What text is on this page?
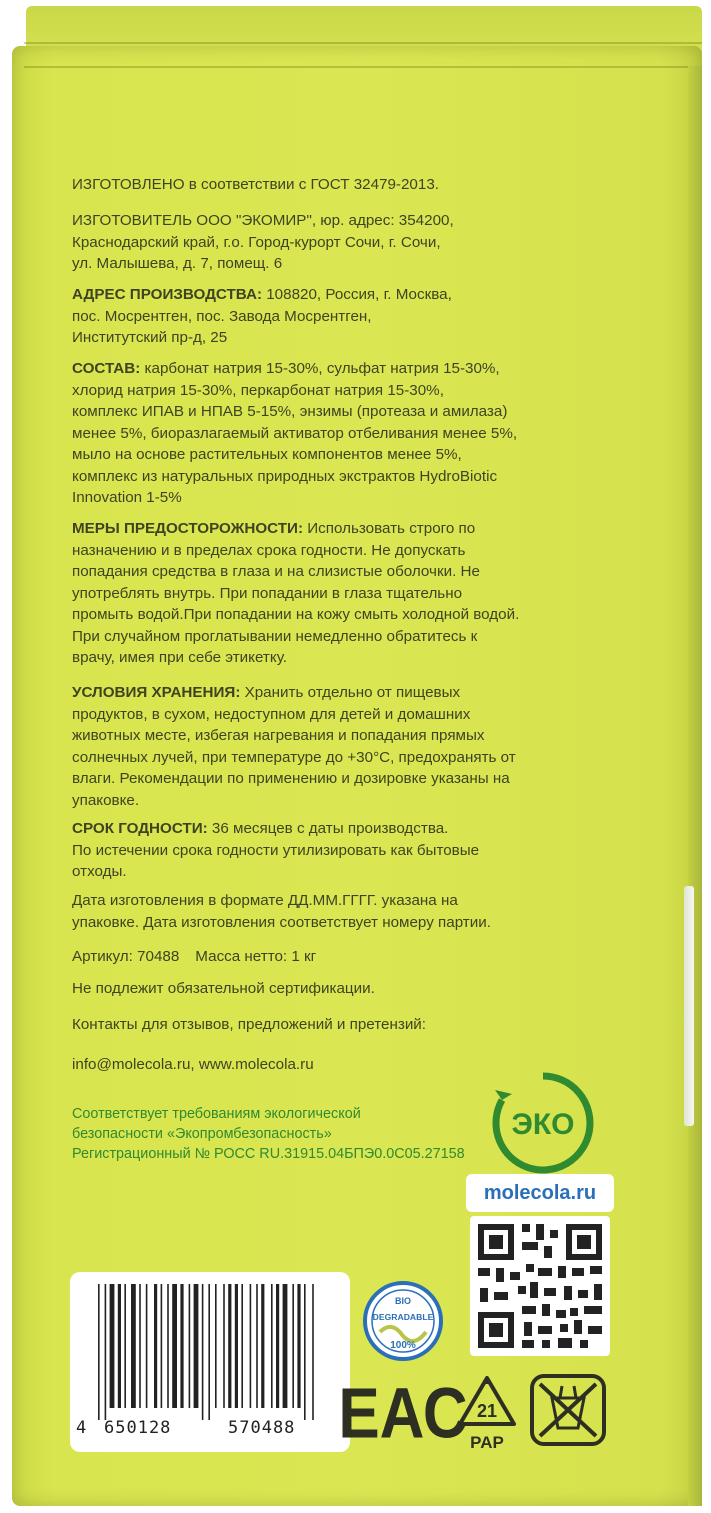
ИЗГОТОВЛЕНО в соответствии с ГОСТ 32479-2013.

ИЗГОТОВИТЕЛЬ ООО "ЭКОМИР", юр. адрес: 354200,

Краснодарский край, г.о. Город-курорт Сочи, г. Сочи,

ул. Малышева, д. 7, помещ. 6

АДРЕС ПРОИЗВОДСТВА: 108820, Россия, г. Москва,

пос. Мосрентген, пос. Завода Мосрентген,

Институтский пр-д, 25

СОСТАВ: карбонат натрия 15-30%, сульфат натрия 15-30%,

хлорид натрия 15-30%, перкарбонат натрия 15-30%,

комплекс ИПАВ и НПАВ 5-15%, энзимы (протеаза и амилаза)

менее 5%, биоразлагаемый активатор отбеливания менее 5%,

мыло на основе растительных компонентов менее 5%,

комплекс из натуральных природных экстрактов HydroBiotic

Innovation 1-5%

МЕРЫ ПРЕДОСТОРОЖНОСТИ: Использовать строго по

назначению и в пределах срока годности. Не допускать

попадания средства в глаза и на слизистые оболочки. Не

употреблять внутрь. При попадании в глаза тщательно

промыть водой.При попадании на кожу смыть холодной водой.

При случайном проглатывании немедленно обратитесь к

врачу, имея при себе этикетку.

УСЛОВИЯ ХРАНЕНИЯ: Хранить отдельно от пищевых

продуктов, в сухом, недоступном для детей и домашних

животных месте, избегая нагревания и попадания прямых

солнечных лучей, при температуре до +30°С, предохранять от

влаги. Рекомендации по применению и дозировке указаны на

упаковке.

СРОК ГОДНОСТИ: 36 месяцев с даты производства.

По истечении срока годности утилизировать как бытовые

отходы.

Дата изготовления в формате ДД.ММ.ГГГГ. указана на

упаковке. Дата изготовления соответствует номеру партии.

Артикул: 70488 Масса нетто: 1 кг

Не подлежит обязательной сертификации.

Контакты для отзывов, предложений и претензий:

info@molecola.ru, www.molecola.ru

Соответствует требованиям экологической

безопасности «Экопромбезопасность»

Регистрационный № РОСС RU.31915.04БПЭ0.0С05.27158

ЭКО
molecola.ru
4 650128	570488
BIO
DEGRADABLE
100%
ЕАС 21
PAP
